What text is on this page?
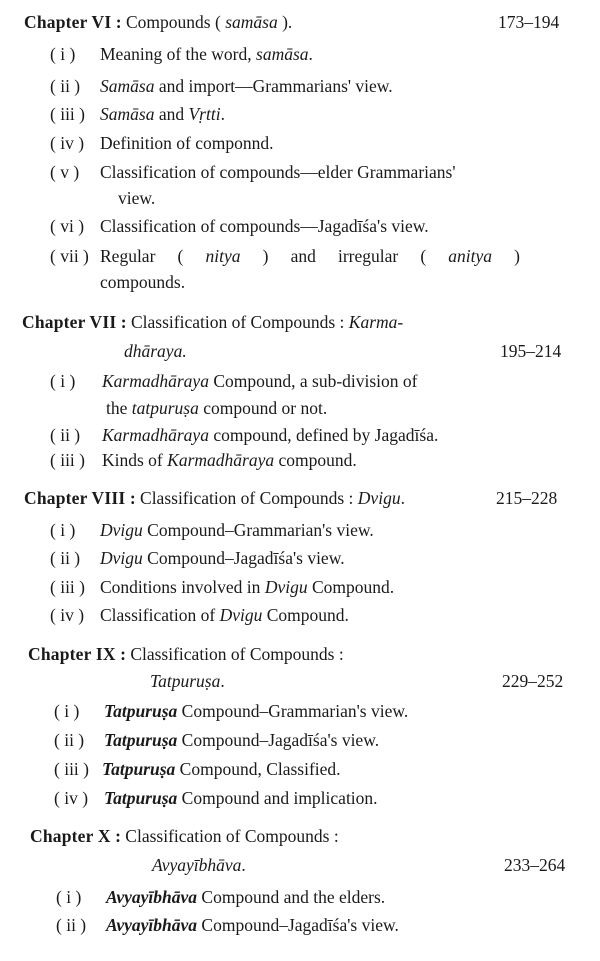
Chapter VI : Compounds ( samāsa ).	173–194
( i ) Meaning of the word, samāsa.
( ii ) Samāsa and import—Grammarians' view.
( iii ) Samāsa and Vṛtti.
( iv ) Definition of componnd.
( v ) Classification of compounds—elder Grammarians'
view.
( vi ) Classification of compounds—Jagadīśa's view.
( vii ) Regular ( nitya ) and irregular ( anitya )
compounds.
Chapter VII : Classification of Compounds : Karma-
dhāraya.	195–214
( i ) Karmadhāraya Compound, a sub-division of
the tatpuruṣa compound or not.
( ii ) Karmadhāraya compound, defined by Jagadīśa.
( iii ) Kinds of Karmadhāraya compound.
Chapter VIII : Classification of Compounds : Dvigu.	215–228
( i ) Dvigu Compound–Grammarian's view.
( ii ) Dvigu Compound–Jagadīśa's view.
( iii ) Conditions involved in Dvigu Compound.
( iv ) Classification of Dvigu Compound.
Chapter IX : Classification of Compounds :
Tatpuruṣa.	229–252
( i ) Tatpuruṣa Compound–Grammarian's view.
( ii ) Tatpuruṣa Compound–Jagadīśa's view.
( iii ) Tatpuruṣa Compound, Classified.
( iv ) Tatpuruṣa Compound and implication.
Chapter X : Classification of Compounds :
Avyayībhāva.	233–264
( i ) Avyayībhāva Compound and the elders.
( ii ) Avyayībhāva Compound–Jagadīśa's view.
